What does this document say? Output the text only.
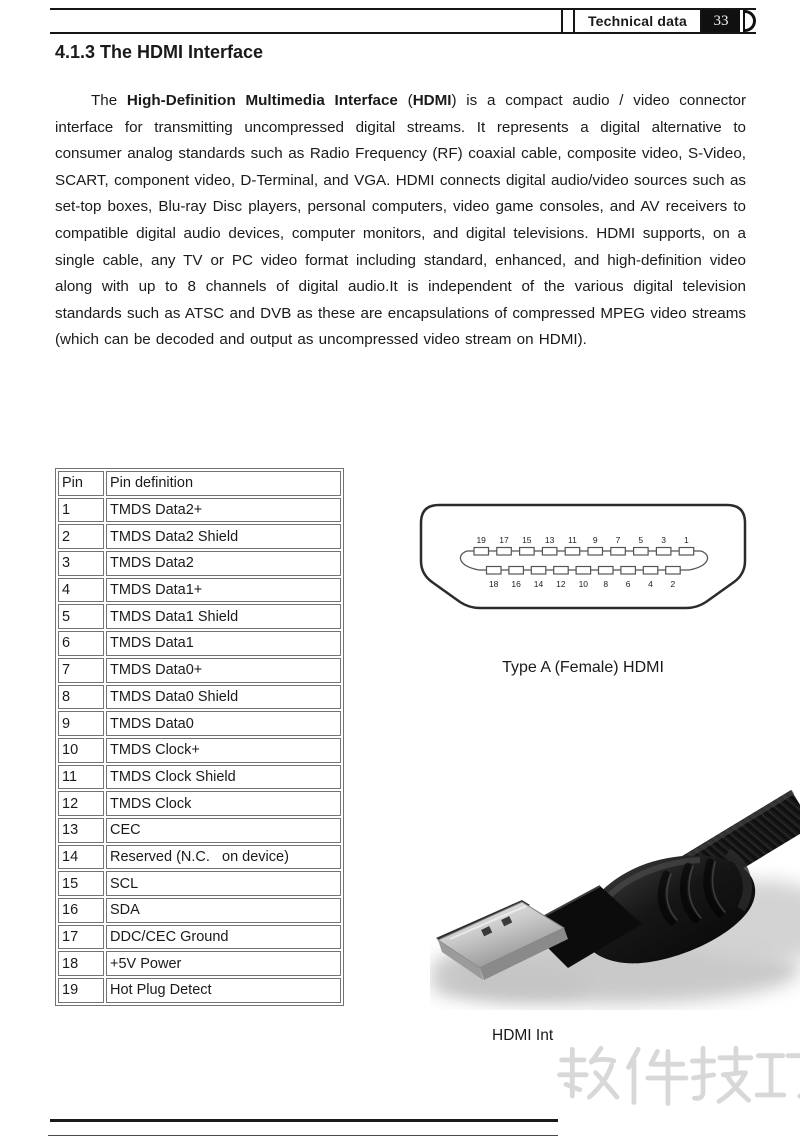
Technical data	33
4.1.3 The HDMI Interface

The High-Definition Multimedia Interface (HDMI) is a compact audio / video connector interface for transmitting uncompressed digital streams. It represents a digital alternative to consumer analog standards such as Radio Frequency (RF) coaxial cable, composite video, S-Video, SCART, component video, D-Terminal, and VGA. HDMI connects digital audio/video sources such as set-top boxes, Blu-ray Disc players, personal computers, video game consoles, and AV receivers to compatible digital audio devices, computer monitors, and digital televisions. HDMI supports, on a single cable, any TV or PC video format including standard, enhanced, and high-definition video along with up to 8 channels of digital audio.It is independent of the various digital television standards such as ATSC and DVB as these are encapsulations of compressed MPEG video streams (which can be decoded and output as uncompressed video stream on HDMI).

Pin	Pin definition
1	TMDS Data2+
2	TMDS Data2 Shield
3	TMDS Data2
4	TMDS Data1+
5	TMDS Data1 Shield
6	TMDS Data1
7	TMDS Data0+
8	TMDS Data0 Shield
9	TMDS Data0
10	TMDS Clock+
11	TMDS Clock Shield
12	TMDS Clock
13	CEC
14	Reserved (N.C.   on device)
15	SCL
16	SDA
17	DDC/CEC Ground
18	+5V Power
19	Hot Plug Detect
19 17 15 13 11 9 7 5 3 1
18 16 14 12 10 8 6 4 2
Type A (Female) HDMI
HDMI Int
